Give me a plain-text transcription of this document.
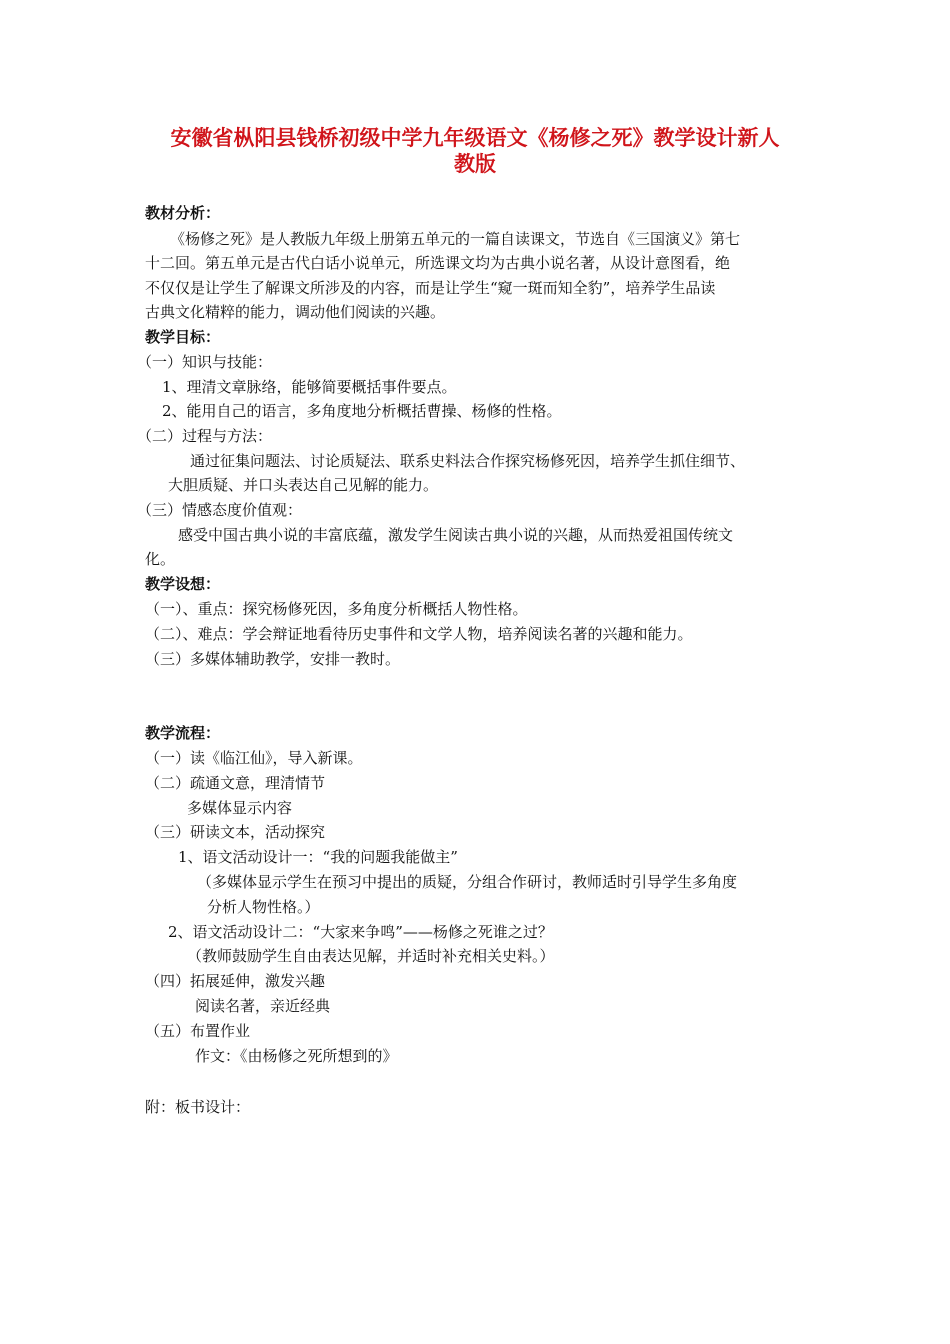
安徽省枞阳县钱桥初级中学九年级语文《杨修之死》教学设计新人
教版
教材分析：
《杨修之死》是人教版九年级上册第五单元的一篇自读课文，节选自《三国演义》第七
十二回。第五单元是古代白话小说单元，所选课文均为古典小说名著，从设计意图看，绝
不仅仅是让学生了解课文所涉及的内容，而是让学生“窥一斑而知全豹”，培养学生品读
古典文化精粹的能力，调动他们阅读的兴趣。
教学目标：
（一）知识与技能：
1、理清文章脉络，能够简要概括事件要点。
2、能用自己的语言，多角度地分析概括曹操、杨修的性格。
（二）过程与方法：
通过征集问题法、讨论质疑法、联系史料法合作探究杨修死因，培养学生抓住细节、
大胆质疑、并口头表达自己见解的能力。
（三）情感态度价值观：
感受中国古典小说的丰富底蕴，激发学生阅读古典小说的兴趣，从而热爱祖国传统文
化。
教学设想：
（一）、重点：探究杨修死因，多角度分析概括人物性格。
（二）、难点：学会辩证地看待历史事件和文学人物，培养阅读名著的兴趣和能力。
（三）多媒体辅助教学，安排一教时。
教学流程：
（一）读《临江仙》，导入新课。
（二）疏通文意，理清情节
多媒体显示内容
（三）研读文本，活动探究
1、语文活动设计一：“我的问题我能做主”
（多媒体显示学生在预习中提出的质疑，分组合作研讨，教师适时引导学生多角度
分析人物性格。）
2、语文活动设计二：“大家来争鸣”——杨修之死谁之过？
（教师鼓励学生自由表达见解，并适时补充相关史料。）
（四）拓展延伸，激发兴趣
阅读名著，亲近经典
（五）布置作业
作文：《由杨修之死所想到的》
附：板书设计：
